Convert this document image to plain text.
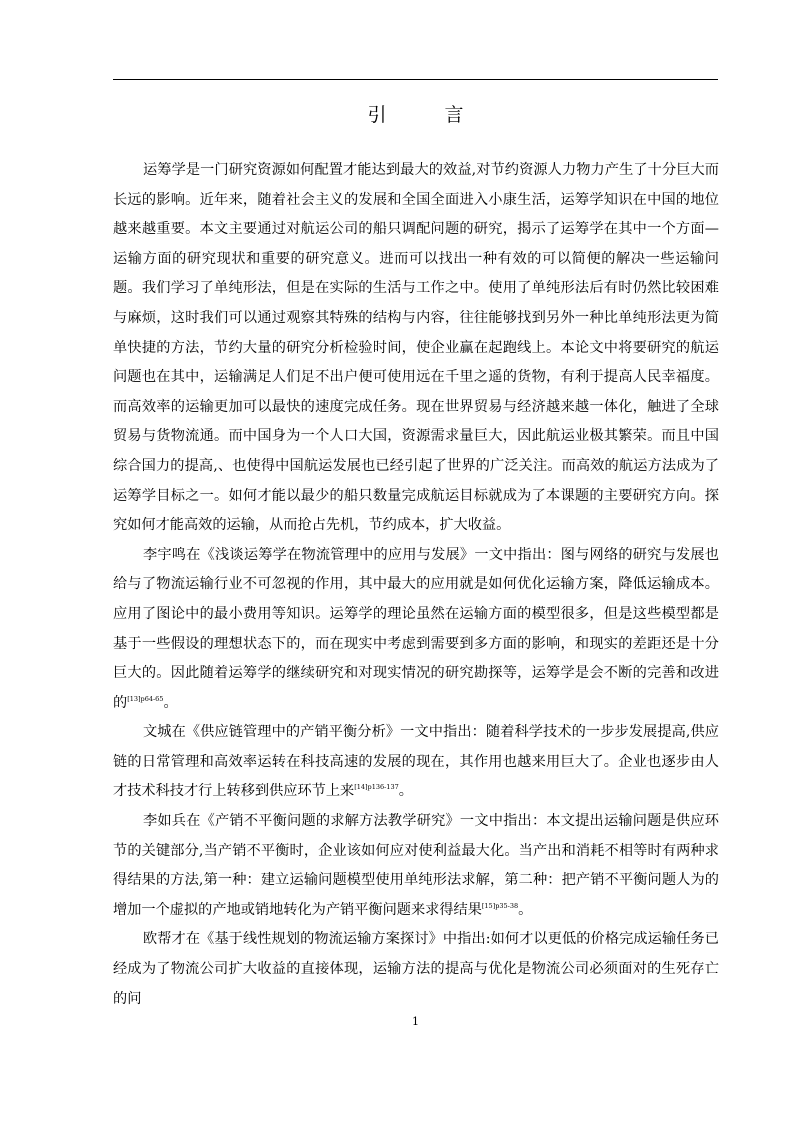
引 言

运筹学是一门研究资源如何配置才能达到最大的效益,对节约资源人力物力产生了十分巨大而长远的影响。近年来，随着社会主义的发展和全国全面进入小康生活，运筹学知识在中国的地位越来越重要。本文主要通过对航运公司的船只调配问题的研究，揭示了运筹学在其中一个方面—运输方面的研究现状和重要的研究意义。进而可以找出一种有效的可以简便的解决一些运输问题。我们学习了单纯形法，但是在实际的生活与工作之中。使用了单纯形法后有时仍然比较困难与麻烦，这时我们可以通过观察其特殊的结构与内容，往往能够找到另外一种比单纯形法更为简单快捷的方法，节约大量的研究分析检验时间，使企业赢在起跑线上。本论文中将要研究的航运问题也在其中，运输满足人们足不出户便可使用远在千里之遥的货物，有利于提高人民幸福度。而高效率的运输更加可以最快的速度完成任务。现在世界贸易与经济越来越一体化，触进了全球贸易与货物流通。而中国身为一个人口大国，资源需求量巨大，因此航运业极其繁荣。而且中国综合国力的提高,、也使得中国航运发展也已经引起了世界的广泛关注。而高效的航运方法成为了运筹学目标之一。如何才能以最少的船只数量完成航运目标就成为了本课题的主要研究方向。探究如何才能高效的运输，从而抢占先机，节约成本，扩大收益。

李宇鸣在《浅谈运筹学在物流管理中的应用与发展》一文中指出：图与网络的研究与发展也给与了物流运输行业不可忽视的作用，其中最大的应用就是如何优化运输方案，降低运输成本。应用了图论中的最小费用等知识。运筹学的理论虽然在运输方面的模型很多，但是这些模型都是基于一些假设的理想状态下的，而在现实中考虑到需要到多方面的影响，和现实的差距还是十分巨大的。因此随着运筹学的继续研究和对现实情况的研究勘探等，运筹学是会不断的完善和改进的$^{[13]p64-65}$。

文城在《供应链管理中的产销平衡分析》一文中指出：随着科学技术的一步步发展提高,供应链的日常管理和高效率运转在科技高速的发展的现在，其作用也越来用巨大了。企业也逐步由人才技术科技才行上转移到供应环节上来$^{[14]p136-137}$。

李如兵在《产销不平衡问题的求解方法教学研究》一文中指出：本文提出运输问题是供应环节的关键部分,当产销不平衡时，企业该如何应对使利益最大化。当产出和消耗不相等时有两种求得结果的方法,第一种：建立运输问题模型使用单纯形法求解，第二种：把产销不平衡问题人为的增加一个虚拟的产地或销地转化为产销平衡问题来求得结果$^{[15]p35-38}$。

欧帮才在《基于线性规划的物流运输方案探讨》中指出:如何才以更低的价格完成运输任务已经成为了物流公司扩大收益的直接体现，运输方法的提高与优化是物流公司必须面对的生死存亡的问

1
